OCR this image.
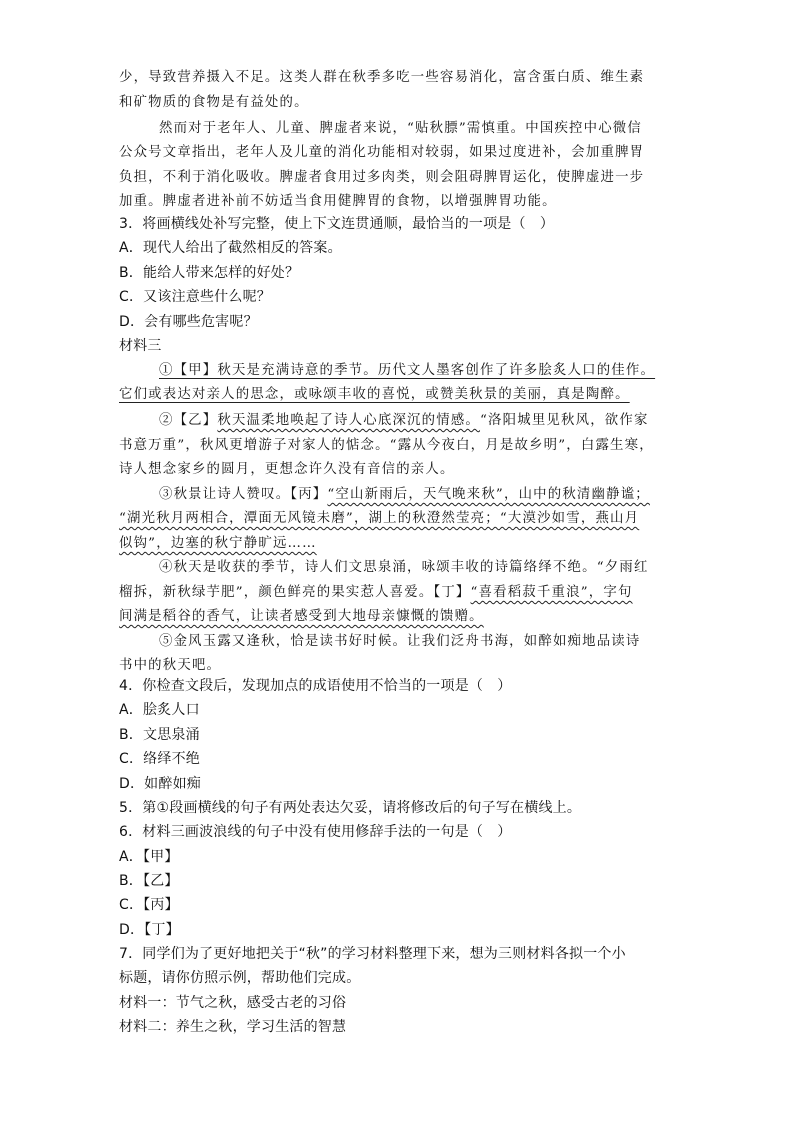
少，导致营养摄入不足。这类人群在秋季多吃一些容易消化，富含蛋白质、维生素
和矿物质的食物是有益处的。
然而对于老年人、儿童、脾虚者来说，“贴秋膘”需慎重。中国疾控中心微信
公众号文章指出，老年人及儿童的消化功能相对较弱，如果过度进补，会加重脾胃
负担，不利于消化吸收。脾虚者食用过多肉类，则会阻碍脾胃运化，使脾虚进一步
加重。脾虚者进补前不妨适当食用健脾胃的食物，以增强脾胃功能。
3．将画横线处补写完整，使上下文连贯通顺，最恰当的一项是（　）
A．现代人给出了截然相反的答案。
B．能给人带来怎样的好处？
C．又该注意些什么呢？
D．会有哪些危害呢？
材料三
①【甲】秋天是充满诗意的季节。历代文人墨客创作了许多脍炙人口的佳作。
它们或表达对亲人的思念，或咏颂丰收的喜悦，或赞美秋景的美丽，真是陶醉。
②【乙】秋天温柔地唤起了诗人心底深沉的情感。“洛阳城里见秋风，欲作家
书意万重”，秋风更增游子对家人的惦念。“露从今夜白，月是故乡明”，白露生寒，
诗人想念家乡的圆月，更想念许久没有音信的亲人。
③秋景让诗人赞叹。【丙】“空山新雨后，天气晚来秋”，山中的秋清幽静谧；
“湖光秋月两相合，潭面无风镜未磨”，湖上的秋澄然莹亮；“大漠沙如雪，燕山月
似钩”，边塞的秋宁静旷远……
④秋天是收获的季节，诗人们文思泉涌，咏颂丰收的诗篇络绎不绝。“夕雨红
榴拆，新秋绿芋肥”，颜色鲜亮的果实惹人喜爱。【丁】“喜看稻菽千重浪”，字句
间满是稻谷的香气，让读者感受到大地母亲慷慨的馈赠。
⑤金风玉露又逢秋，恰是读书好时候。让我们泛舟书海，如醉如痴地品读诗
书中的秋天吧。
4．你检查文段后，发现加点的成语使用不恰当的一项是（　）
A．脍炙人口
B．文思泉涌
C．络绎不绝
D．如醉如痴
5．第①段画横线的句子有两处表达欠妥，请将修改后的句子写在横线上。
6．材料三画波浪线的句子中没有使用修辞手法的一句是（　）
A．【甲】
B．【乙】
C．【丙】
D．【丁】
7．同学们为了更好地把关于“秋”的学习材料整理下来，想为三则材料各拟一个小
标题，请你仿照示例，帮助他们完成。
材料一：节气之秋，感受古老的习俗
材料二：养生之秋，学习生活的智慧
